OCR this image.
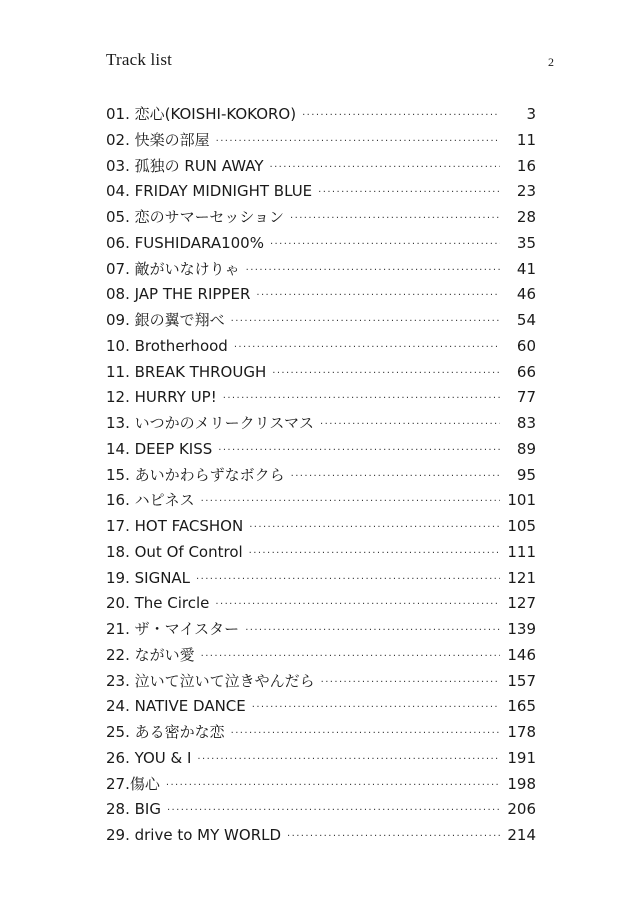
Track list	2
01. 恋心(KOISHI-KOKORO) ·····	3
02. 快楽の部屋 ·····	11
03. 孤独の RUN AWAY ·····	16
04. FRIDAY MIDNIGHT BLUE ·····	23
05. 恋のサマーセッション ·····	28
06. FUSHIDARA100% ·····	35
07. 敵がいなけりゃ ·····	41
08. JAP THE RIPPER ·····	46
09. 銀の翼で翔べ ·····	54
10. Brotherhood ·····	60
11. BREAK THROUGH ·····	66
12. HURRY UP! ·····	77
13. いつかのメリークリスマス ·····	83
14. DEEP KISS ·····	89
15. あいかわらずなボクら ·····	95
16. ハピネス ·····	101
17. HOT FACSHON ·····	105
18. Out Of Control ·····	111
19. SIGNAL ·····	121
20. The Circle ·····	127
21. ザ・マイスター ·····	139
22. ながい愛 ·····	146
23. 泣いて泣いて泣きやんだら ·····	157
24. NATIVE DANCE ·····	165
25. ある密かな恋 ·····	178
26. YOU & I ·····	191
27.傷心 ·····	198
28. BIG ·····	206
29. drive to MY WORLD ·····	214
